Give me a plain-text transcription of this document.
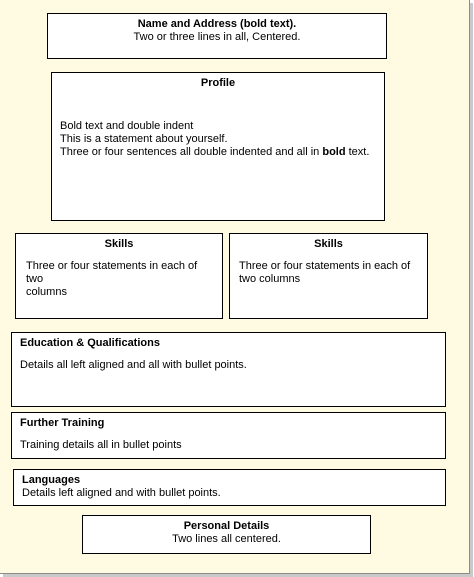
Name and Address (bold text).
Two or three lines in all, Centered.
Profile
Bold text and double indent
This is a statement about yourself.
Three or four sentences all double indented and all in bold text.
Skills
Three or four statements in each of two
columns
Skills
Three or four statements in each of
two columns
Education & Qualifications
Details all left aligned and all with bullet points.
Further Training
Training details all in bullet points
Languages
Details left aligned and with bullet points.
Personal Details
Two lines all centered.
